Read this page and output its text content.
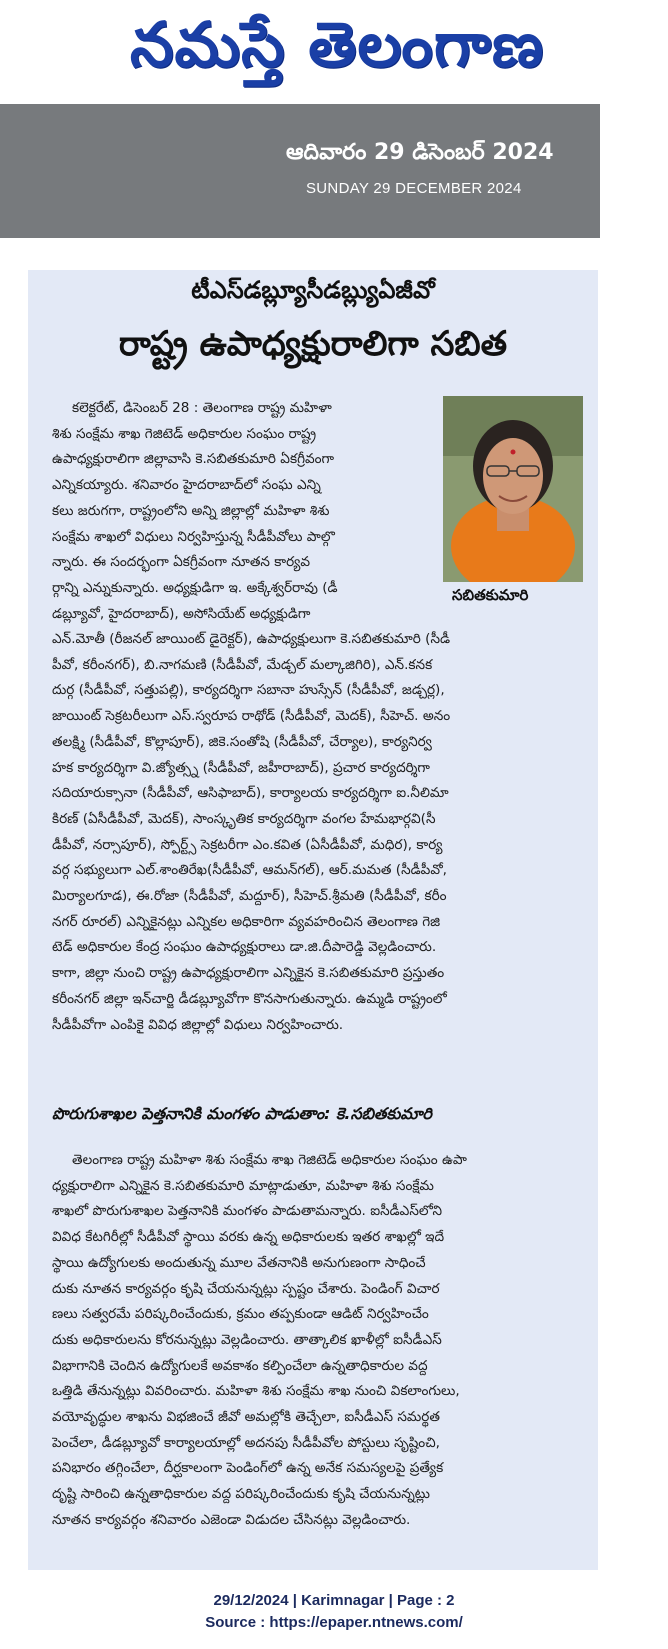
నమస్తే తెలంగాణ
ఆదివారం 29 డిసెంబర్ 2024
SUNDAY 29 DECEMBER 2024
టీఎస్‌డబ్ల్యూసీడబ్ల్యుఏజీవో
రాష్ట్ర ఉపాధ్యక్షురాలిగా సబిత
సబితకుమారి
కలెక్టరేట్, డిసెంబర్ 28 : తెలంగాణ రాష్ట్ర మహిళా
శిశు సంక్షేమ శాఖ గెజిటెడ్ అధికారుల సంఘం రాష్ట్ర
ఉపాధ్యక్షురాలిగా జిల్లావాసి కె.సబితకుమారి ఏకగ్రీవంగా
ఎన్నికయ్యారు. శనివారం హైదరాబాద్‌లో సంఘ ఎన్ని
కలు జరుగగా, రాష్ట్రంలోని అన్ని జిల్లాల్లో మహిళా శిశు
సంక్షేమ శాఖలో విధులు నిర్వహిస్తున్న సీడీపీవోలు పాల్గొ
న్నారు. ఈ సందర్భంగా ఏకగ్రీవంగా నూతన కార్యవ
ర్గాన్ని ఎన్నుకున్నారు. అధ్యక్షుడిగా ఇ. అక్కేశ్వర్‌రావు (డీ
డబ్ల్యూవో, హైదరాబాద్), అసోసియేట్ అధ్యక్షుడిగా
ఎన్.మోతీ (రీజనల్ జాయింట్ డైరెక్టర్), ఉపాధ్యక్షులుగా కె.సబితకుమారి (సీడీ
పీవో, కరీంనగర్), బి.నాగమణి (సీడీపీవో, మేడ్చల్ మల్కాజిగిరి), ఎన్.కనక
దుర్గ (సీడీపీవో, సత్తుపల్లి), కార్యదర్శిగా సబానా హుస్సేన్ (సీడీపీవో, జడ్చర్ల),
జాయింట్ సెక్రటరీలుగా ఎస్.స్వరూప రాథోడ్ (సీడీపీవో, మెదక్), సీహెచ్. అనం
తలక్ష్మి (సీడీపీవో, కొల్లాపూర్), జికె.సంతోషి (సీడీపీవో, చేర్యాల), కార్యనిర్వ
హక కార్యదర్శిగా వి.జ్యోత్స్న (సీడీపీవో, జహీరాబాద్), ప్రచార కార్యదర్శిగా
సదియారుక్సానా (సీడీపీవో, ఆసిఫాబాద్), కార్యాలయ కార్యదర్శిగా ఐ.నీలిమా
కిరణ్ (ఏసీడీపీవో, మెదక్), సాంస్కృతిక కార్యదర్శిగా వంగల హేమభార్గవి(సీ
డీపీవో, నర్సాపూర్), స్పోర్ట్స్ సెక్రటరీగా ఎం.కవిత (ఏసీడీపీవో, మధిర), కార్య
వర్గ సభ్యులుగా ఎల్.శాంతిరేఖ(సీడీపీవో, ఆమన్‌గల్), ఆర్.మమత (సీడీపీవో,
మిర్యాలగూడ), ఈ.రోజా (సీడీపీవో, మద్దూర్), సీహెచ్.శ్రీమతి (సీడీపీవో, కరీం
నగర్ రూరల్) ఎన్నికైనట్లు ఎన్నికల అధికారిగా వ్యవహరించిన తెలంగాణ గెజి
టెడ్ అధికారుల కేంద్ర సంఘం ఉపాధ్యక్షురాలు డా.జి.దీపారెడ్డి వెల్లడించారు.
కాగా, జిల్లా నుంచి రాష్ట్ర ఉపాధ్యక్షురాలిగా ఎన్నికైన కె.సబితకుమారి ప్రస్తుతం
కరీంనగర్ జిల్లా ఇన్‌చార్జి డీడబ్ల్యూవోగా కొనసాగుతున్నారు. ఉమ్మడి రాష్ట్రంలో
సీడీపీవోగా ఎంపికై వివిధ జిల్లాల్లో విధులు నిర్వహించారు.
పొరుగుశాఖల పెత్తనానికి మంగళం పాడుతాం: కె.సబితకుమారి
తెలంగాణ రాష్ట్ర మహిళా శిశు సంక్షేమ శాఖ గెజిటెడ్ అధికారుల సంఘం ఉపా
ధ్యక్షురాలిగా ఎన్నికైన కె.సబితకుమారి మాట్లాడుతూ, మహిళా శిశు సంక్షేమ
శాఖలో పొరుగుశాఖల పెత్తనానికి మంగళం పాడుతామన్నారు. ఐసీడీఎస్‌లోని
వివిధ కేటగిరీల్లో సీడీపీవో స్థాయి వరకు ఉన్న అధికారులకు ఇతర శాఖల్లో ఇదే
స్థాయి ఉద్యోగులకు అందుతున్న మూల వేతనానికి అనుగుణంగా సాధించే
దుకు నూతన కార్యవర్గం కృషి చేయనున్నట్లు స్పష్టం చేశారు. పెండింగ్ విచార
ణలు సత్వరమే పరిష్కరించేందుకు, క్రమం తప్పకుండా ఆడిట్ నిర్వహించేం
దుకు అధికారులను కోరనున్నట్లు వెల్లడించారు. తాత్కాలిక ఖాళీల్లో ఐసీడీఎస్
విభాగానికి చెందిన ఉద్యోగులకే అవకాశం కల్పించేలా ఉన్నతాధికారుల వద్ద
ఒత్తిడి తేనున్నట్లు వివరించారు. మహిళా శిశు సంక్షేమ శాఖ నుంచి వికలాంగులు,
వయోవృద్ధుల శాఖను విభజించే జీవో అమల్లోకి తెచ్చేలా, ఐసీడీఎస్ సమర్థత
పెంచేలా, డీడబ్ల్యూవో కార్యాలయాల్లో అదనపు సీడీపీవోల పోస్టులు సృష్టించి,
పనిభారం తగ్గించేలా, దీర్ఘకాలంగా పెండింగ్‌లో ఉన్న అనేక సమస్యలపై ప్రత్యేక
దృష్టి సారించి ఉన్నతాధికారుల వద్ద పరిష్కరించేందుకు కృషి చేయనున్నట్లు
నూతన కార్యవర్గం శనివారం ఎజెండా విడుదల చేసినట్లు వెల్లడించారు.
29/12/2024 | Karimnagar | Page : 2
Source : https://epaper.ntnews.com/
